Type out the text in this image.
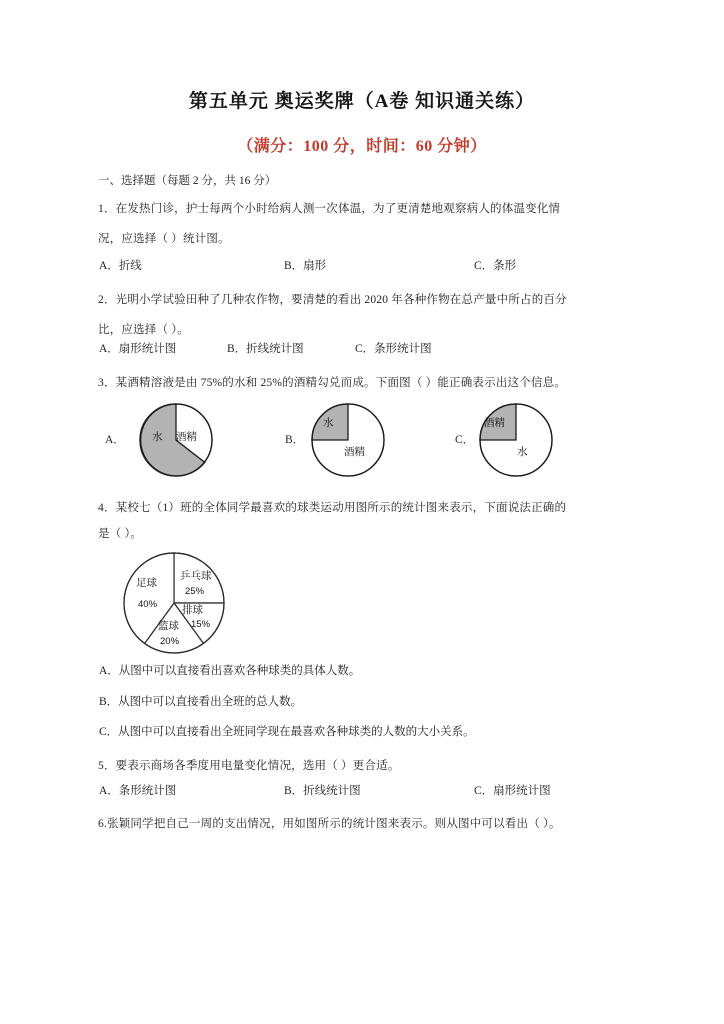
第五单元 奥运奖牌（A卷 知识通关练）
（满分：100 分，时间：60 分钟）
一、选择题（每题 2 分，共 16 分）
1．在发热门诊，护士每两个小时给病人测一次体温，为了更清楚地观察病人的体温变化情
况，应选择（ ）统计图。
A．折线	B．扇形	C．条形
2．光明小学试验田种了几种农作物，要清楚的看出 2020 年各种作物在总产量中所占的百分
比，应选择（ ）。
A．扇形统计图	B．折线统计图	C．条形统计图
3．某酒精溶液是由 75%的水和 25%的酒精勾兑而成。下面图（ ）能正确表示出这个信息。
A．	水 酒精	B．
水
酒精
C．
酒精
水
4．某校七（1）班的全体同学最喜欢的球类运动用图所示的统计图来表示，下面说法正确的
是（ ）。
乒乓球
25%
排球
15%
篮球
20%
足球
40%
A．从图中可以直接看出喜欢各种球类的具体人数。
B．从图中可以直接看出全班的总人数。
C．从图中可以直接看出全班同学现在最喜欢各种球类的人数的大小关系。
5．要表示商场各季度用电量变化情况，选用（ ）更合适。
A．条形统计图	B．折线统计图	C．扇形统计图
6.张颖同学把自己一周的支出情况，用如图所示的统计图来表示。则从图中可以看出（ ）。
